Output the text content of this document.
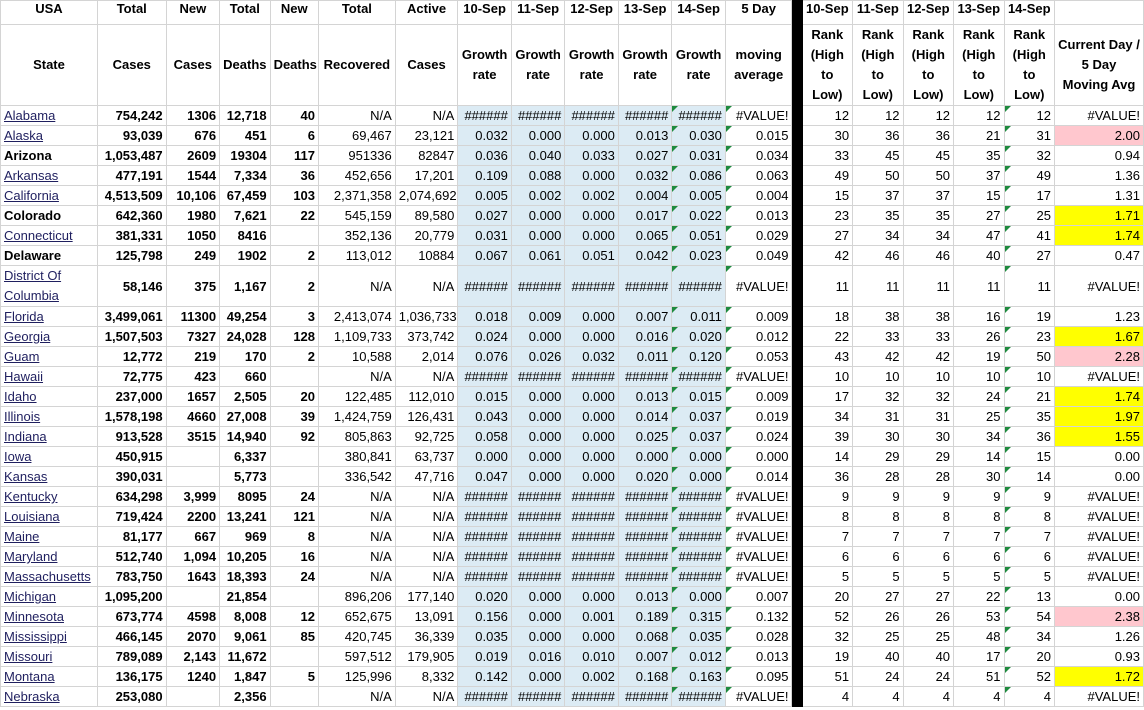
USA	Total	New	Total	New	Total	Active	10-Sep	11-Sep	12-Sep	13-Sep	14-Sep	5 Day		10-Sep	11-Sep	12-Sep	13-Sep	14-Sep	
State	Cases	Cases	Deaths	Deaths	Recovered	Cases	Growth rate	Growth rate	Growth rate	Growth rate	Growth rate	moving average		Rank (High to Low)	Rank (High to Low)	Rank (High to Low)	Rank (High to Low)	Rank (High to Low)	Current Day / 5 Day Moving Avg
Alabama	754,242	1306	12,718	40	N/A	N/A	######	######	######	######	######	#VALUE!		12	12	12	12	12	#VALUE!
Alaska	93,039	676	451	6	69,467	23,121	0.032	0.000	0.000	0.013	0.030	0.015		30	36	36	21	31	2.00
Arizona	1,053,487	2609	19304	117	951336	82847	0.036	0.040	0.033	0.027	0.031	0.034		33	45	45	35	32	0.94
Arkansas	477,191	1544	7,334	36	452,656	17,201	0.109	0.088	0.000	0.032	0.086	0.063		49	50	50	37	49	1.36
California	4,513,509	10,106	67,459	103	2,371,358	2,074,692	0.005	0.002	0.002	0.004	0.005	0.004		15	37	37	15	17	1.31
Colorado	642,360	1980	7,621	22	545,159	89,580	0.027	0.000	0.000	0.017	0.022	0.013		23	35	35	27	25	1.71
Connecticut	381,331	1050	8416		352,136	20,779	0.031	0.000	0.000	0.065	0.051	0.029		27	34	34	47	41	1.74
Delaware	125,798	249	1902	2	113,012	10884	0.067	0.061	0.051	0.042	0.023	0.049		42	46	46	40	27	0.47
District Of Columbia	58,146	375	1,167	2	N/A	N/A	######	######	######	######	######	#VALUE!		11	11	11	11	11	#VALUE!
Florida	3,499,061	11300	49,254	3	2,413,074	1,036,733	0.018	0.009	0.000	0.007	0.011	0.009		18	38	38	16	19	1.23
Georgia	1,507,503	7327	24,028	128	1,109,733	373,742	0.024	0.000	0.000	0.016	0.020	0.012		22	33	33	26	23	1.67
Guam	12,772	219	170	2	10,588	2,014	0.076	0.026	0.032	0.011	0.120	0.053		43	42	42	19	50	2.28
Hawaii	72,775	423	660		N/A	N/A	######	######	######	######	######	#VALUE!		10	10	10	10	10	#VALUE!
Idaho	237,000	1657	2,505	20	122,485	112,010	0.015	0.000	0.000	0.013	0.015	0.009		17	32	32	24	21	1.74
Illinois	1,578,198	4660	27,008	39	1,424,759	126,431	0.043	0.000	0.000	0.014	0.037	0.019		34	31	31	25	35	1.97
Indiana	913,528	3515	14,940	92	805,863	92,725	0.058	0.000	0.000	0.025	0.037	0.024		39	30	30	34	36	1.55
Iowa	450,915		6,337		380,841	63,737	0.000	0.000	0.000	0.000	0.000	0.000		14	29	29	14	15	0.00
Kansas	390,031		5,773		336,542	47,716	0.047	0.000	0.000	0.020	0.000	0.014		36	28	28	30	14	0.00
Kentucky	634,298	3,999	8095	24	N/A	N/A	######	######	######	######	######	#VALUE!		9	9	9	9	9	#VALUE!
Louisiana	719,424	2200	13,241	121	N/A	N/A	######	######	######	######	######	#VALUE!		8	8	8	8	8	#VALUE!
Maine	81,177	667	969	8	N/A	N/A	######	######	######	######	######	#VALUE!		7	7	7	7	7	#VALUE!
Maryland	512,740	1,094	10,205	16	N/A	N/A	######	######	######	######	######	#VALUE!		6	6	6	6	6	#VALUE!
Massachusetts	783,750	1643	18,393	24	N/A	N/A	######	######	######	######	######	#VALUE!		5	5	5	5	5	#VALUE!
Michigan	1,095,200		21,854		896,206	177,140	0.020	0.000	0.000	0.013	0.000	0.007		20	27	27	22	13	0.00
Minnesota	673,774	4598	8,008	12	652,675	13,091	0.156	0.000	0.001	0.189	0.315	0.132		52	26	26	53	54	2.38
Mississippi	466,145	2070	9,061	85	420,745	36,339	0.035	0.000	0.000	0.068	0.035	0.028		32	25	25	48	34	1.26
Missouri	789,089	2,143	11,672		597,512	179,905	0.019	0.016	0.010	0.007	0.012	0.013		19	40	40	17	20	0.93
Montana	136,175	1240	1,847	5	125,996	8,332	0.142	0.000	0.002	0.168	0.163	0.095		51	24	24	51	52	1.72
Nebraska	253,080		2,356		N/A	N/A	######	######	######	######	######	#VALUE!		4	4	4	4	4	#VALUE!
